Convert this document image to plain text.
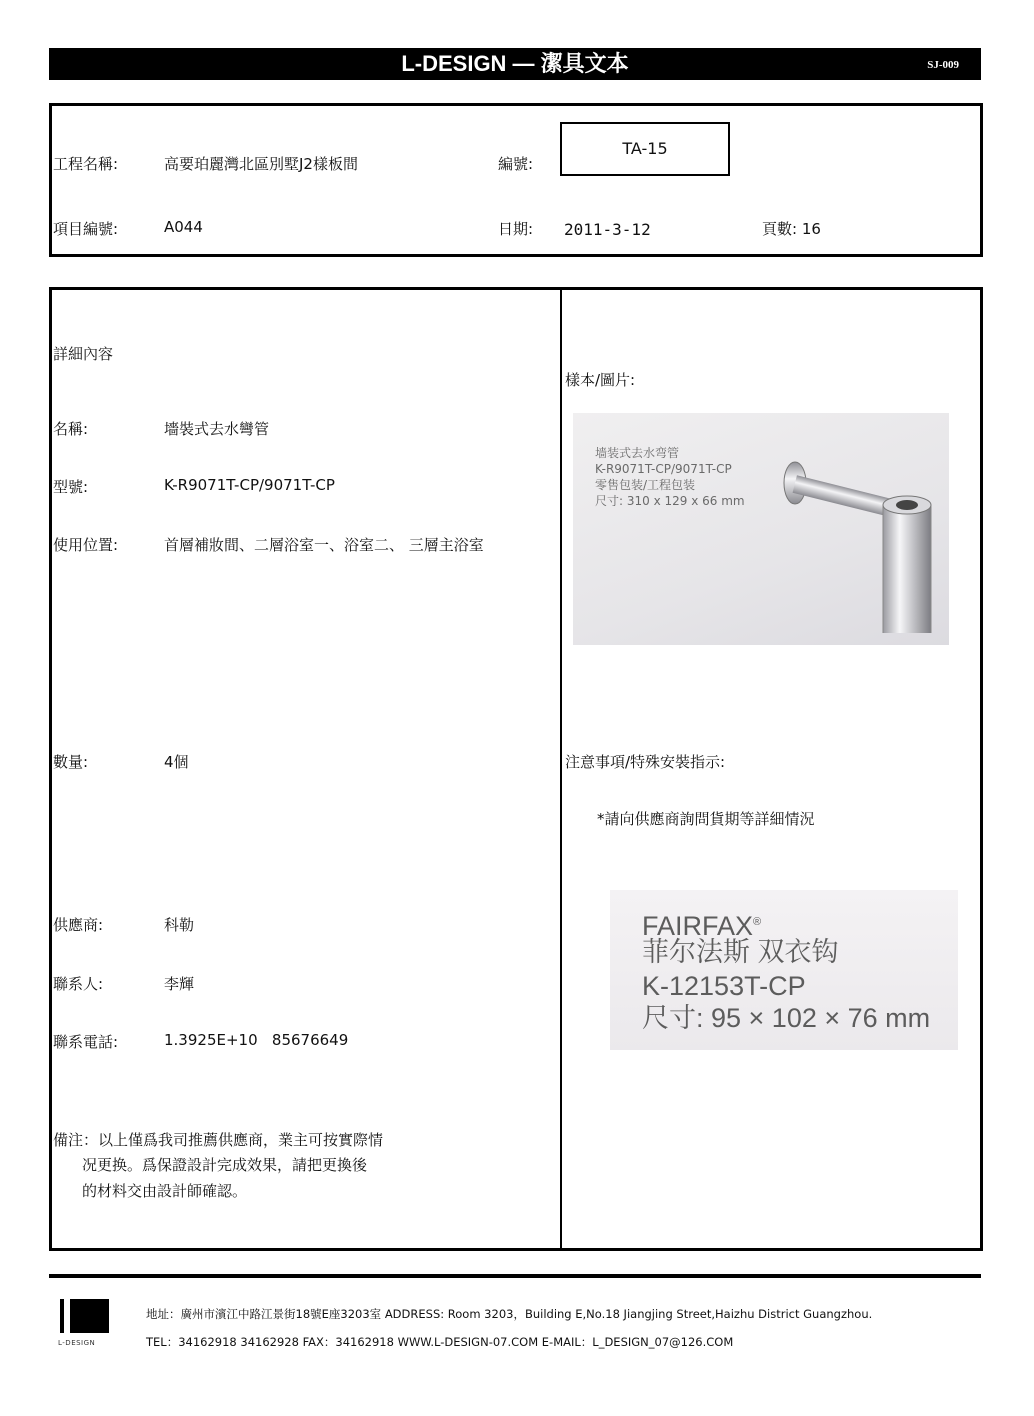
L-DESIGN — 潔具文本	SJ-009
工程名稱:	高要珀麗灣北區別墅J2樣板間	編號:
TA-15
項目編號:	A044	日期: 2011-3-12	頁數: 16
詳細內容
名稱:	墻裝式去水彎管
型號:	K-R9071T-CP/9071T-CP
使用位置:	首層補妝間、二層浴室一、浴室二、 三層主浴室
數量:	4個
供應商:	科勒
聯系人:	李輝
聯系電話:	1.3925E+10   85676649
備注：以上僅爲我司推薦供應商，業主可按實際情
况更换。爲保證設計完成效果，請把更換後
的材料交由設計師確認。
樣本/圖片:
墙装式去水弯管
K-R9071T-CP/9071T-CP
零售包装/工程包装
尺寸: 310 x 129 x 66 mm
注意事項/特殊安裝指示:
*請向供應商詢問貨期等詳細情況
FAIRFAX®
菲尔法斯 双衣钩
K-12153T-CP
尺寸: 95 × 102 × 76 mm
L-DESIGN
地址：廣州市濱江中路江景街18號E座3203室 ADDRESS: Room 3203，Building E,No.18 Jiangjing Street,Haizhu District Guangzhou.
TEL：34162918 34162928 FAX：34162918 WWW.L-DESIGN-07.COM E-MAIL：L_DESIGN_07@126.COM
